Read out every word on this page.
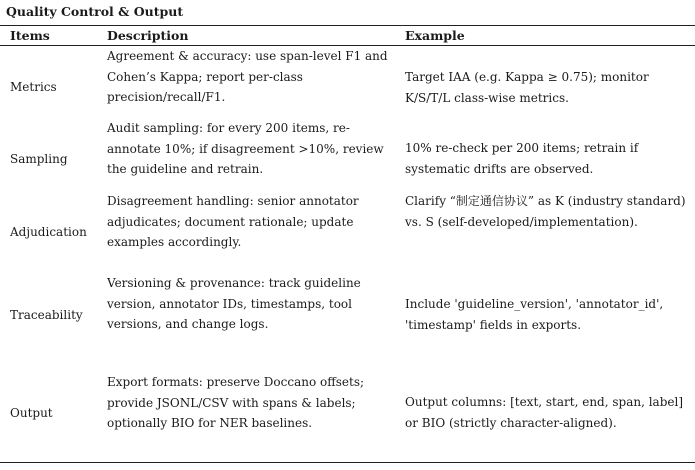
Quality Control & Output
Items	Description	Example
Metrics
Agreement & accuracy: use span-level F1 and Cohen’s Kappa; report per-class precision/recall/F1.
Target IAA (e.g. Kappa ≥ 0.75); monitor K/S/T/L class-wise metrics.
Sampling
Audit sampling: for every 200 items, re-annotate 10%; if disagreement >10%, review the guideline and retrain.
10% re-check per 200 items; retrain if systematic drifts are observed.
Adjudication
Disagreement handling: senior annotator adjudicates; document rationale; update examples accordingly.
Clarify “制定通信协议” as K (industry standard) vs. S (self-developed/implementation).
Traceability
Versioning & provenance: track guideline version, annotator IDs, timestamps, tool versions, and change logs.
Include 'guideline_version', 'annotator_id', 'timestamp' fields in exports.
Output
Export formats: preserve Doccano offsets; provide JSONL/CSV with spans & labels; optionally BIO for NER baselines.
Output columns: [text, start, end, span, label] or BIO (strictly character-aligned).
